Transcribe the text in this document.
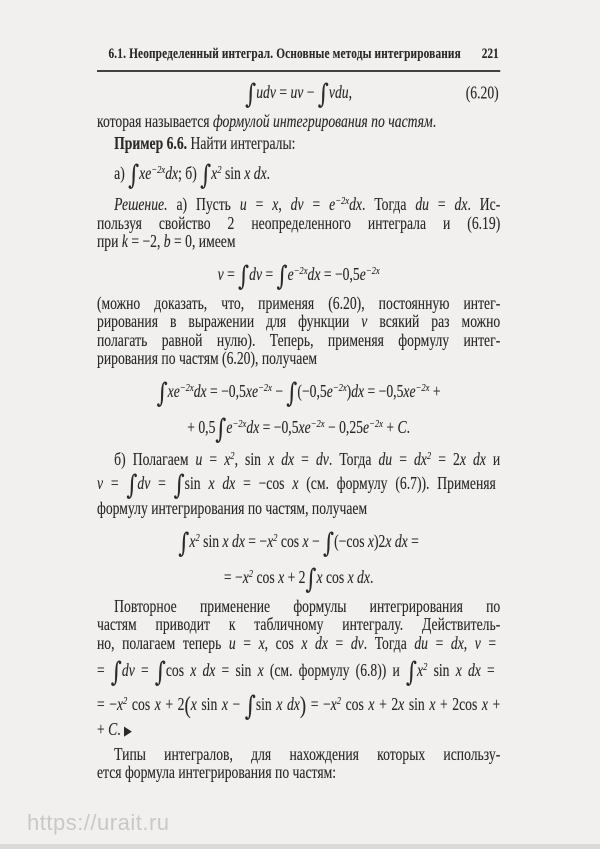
6.1. Неопределенный интеграл. Основные методы интегрирования	221
∫udv = uv − ∫vdu,	(6.20)
которая называется формулой интегрирования по частям.
Пример 6.6. Найти интегралы:
а) $\int xe^{-2x}dx$; б) $\int x^2$ sin x dx.
Решение. а) Пусть u = x, dv = $e^{-2x}dx$. Тогда du = dx. Ис-
пользуя свойство 2 неопределенного интеграла и (6.19)
при k = −2, b = 0, имеем
$v = \int dv = \int e^{-2x}dx = -0,5e^{-2x}$
(можно доказать, что, применяя (6.20), постоянную интег-
рирования в выражении для функции v всякий раз можно
полагать равной нулю). Теперь, применяя формулу интег-
рирования по частям (6.20), получаем
$\int xe^{-2x}dx = -0,5xe^{-2x} - \int(-0,5e^{-2x})dx = -0,5xe^{-2x}$ +
+ $0,5\int e^{-2x}dx = -0,5xe^{-2x} - 0,25e^{-2x} + C$.
б) Полагаем $u = x^2$, sin x dx = dv. Тогда du = $dx^2 = 2x$ dx и
v = ∫dv = ∫sin x dx = −cos x (см. формулу (6.7)). Применяя
формулу интегрирования по частям, получаем
$\int x^2$ sin x dx = $-x^2$ cos x − ∫(−cos x)2x dx =
= $-x^2$ cos x + 2∫x cos x dx.
Повторное применение формулы интегрирования по
частям приводит к табличному интегралу. Действитель-
но, полагаем теперь u = x, cos x dx = dv. Тогда du = dx, v =
= ∫dv = ∫cos x dx = sin x (см. формулу (6.8)) и $\int x^2$ sin x dx =
= $-x^2$ cos x + 2(x sin x − ∫sin x $dx) = -x^2$ cos x + 2x sin x + 2cos x +
+ C. ▶
Типы интегралов, для нахождения которых использу-
ется формула интегрирования по частям:
https://urait.ru
